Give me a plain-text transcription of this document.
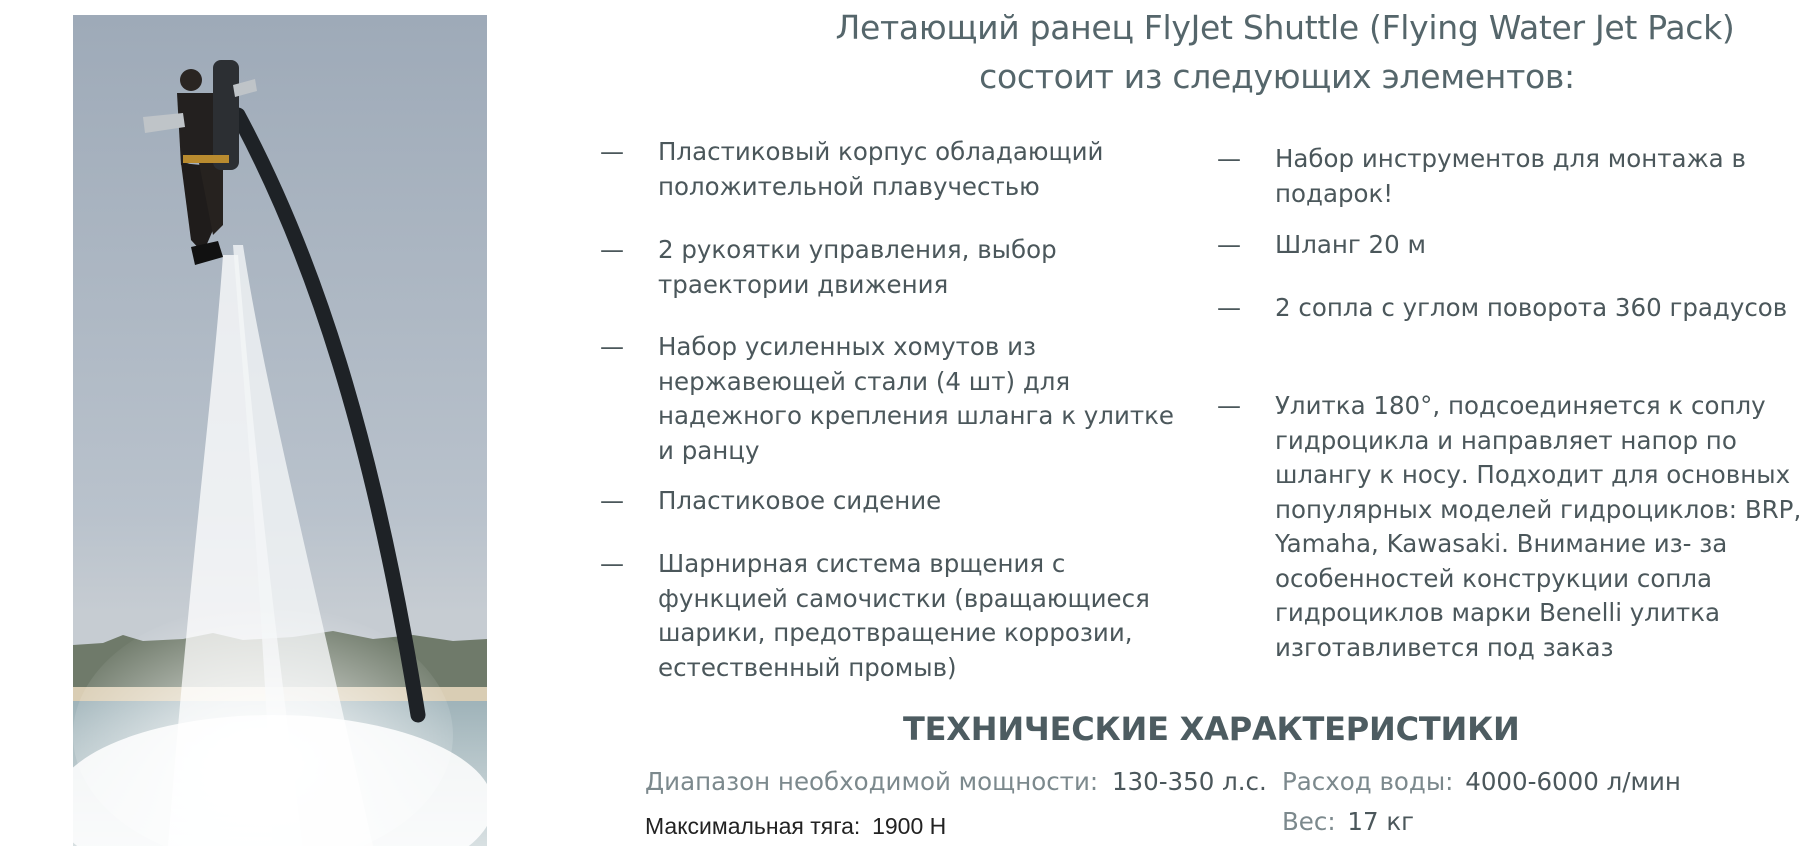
Летающий ранец FlyJet Shuttle (Flying Water Jet Pack)
состоит из следующих элементов:
— Пластиковый корпус обладающий
положительной плавучестью
— 2 рукоятки управления, выбор
траектории движения
— Набор усиленных хомутов из
нержавеющей стали (4 шт) для
надежного крепления шланга к улитке
и ранцу
— Пластиковое сидение
— Шарнирная система врщения с
функцией самочистки (вращающиеся
шарики, предотвращение коррозии,
естественный промыв)
— Набор инструментов для монтажа в
подарок!
— Шланг 20 м
— 2 сопла с углом поворота 360 градусов
— Улитка 180°, подсоединяется к соплу
гидроцикла и направляет напор по
шлангу к носу. Подходит для основных
популярных моделей гидроциклов: BRP,
Yamaha, Kawasaki. Внимание из- за
особенностей конструкции сопла
гидроциклов марки Benelli улитка
изготавливется под заказ
ТЕХНИЧЕСКИЕ ХАРАКТЕРИСТИКИ
Диапазон необходимой мощности: 130-350 л.с. Расход воды: 4000-6000 л/мин
Максимальная тяга: 1900 Н	Вес: 17 кг
